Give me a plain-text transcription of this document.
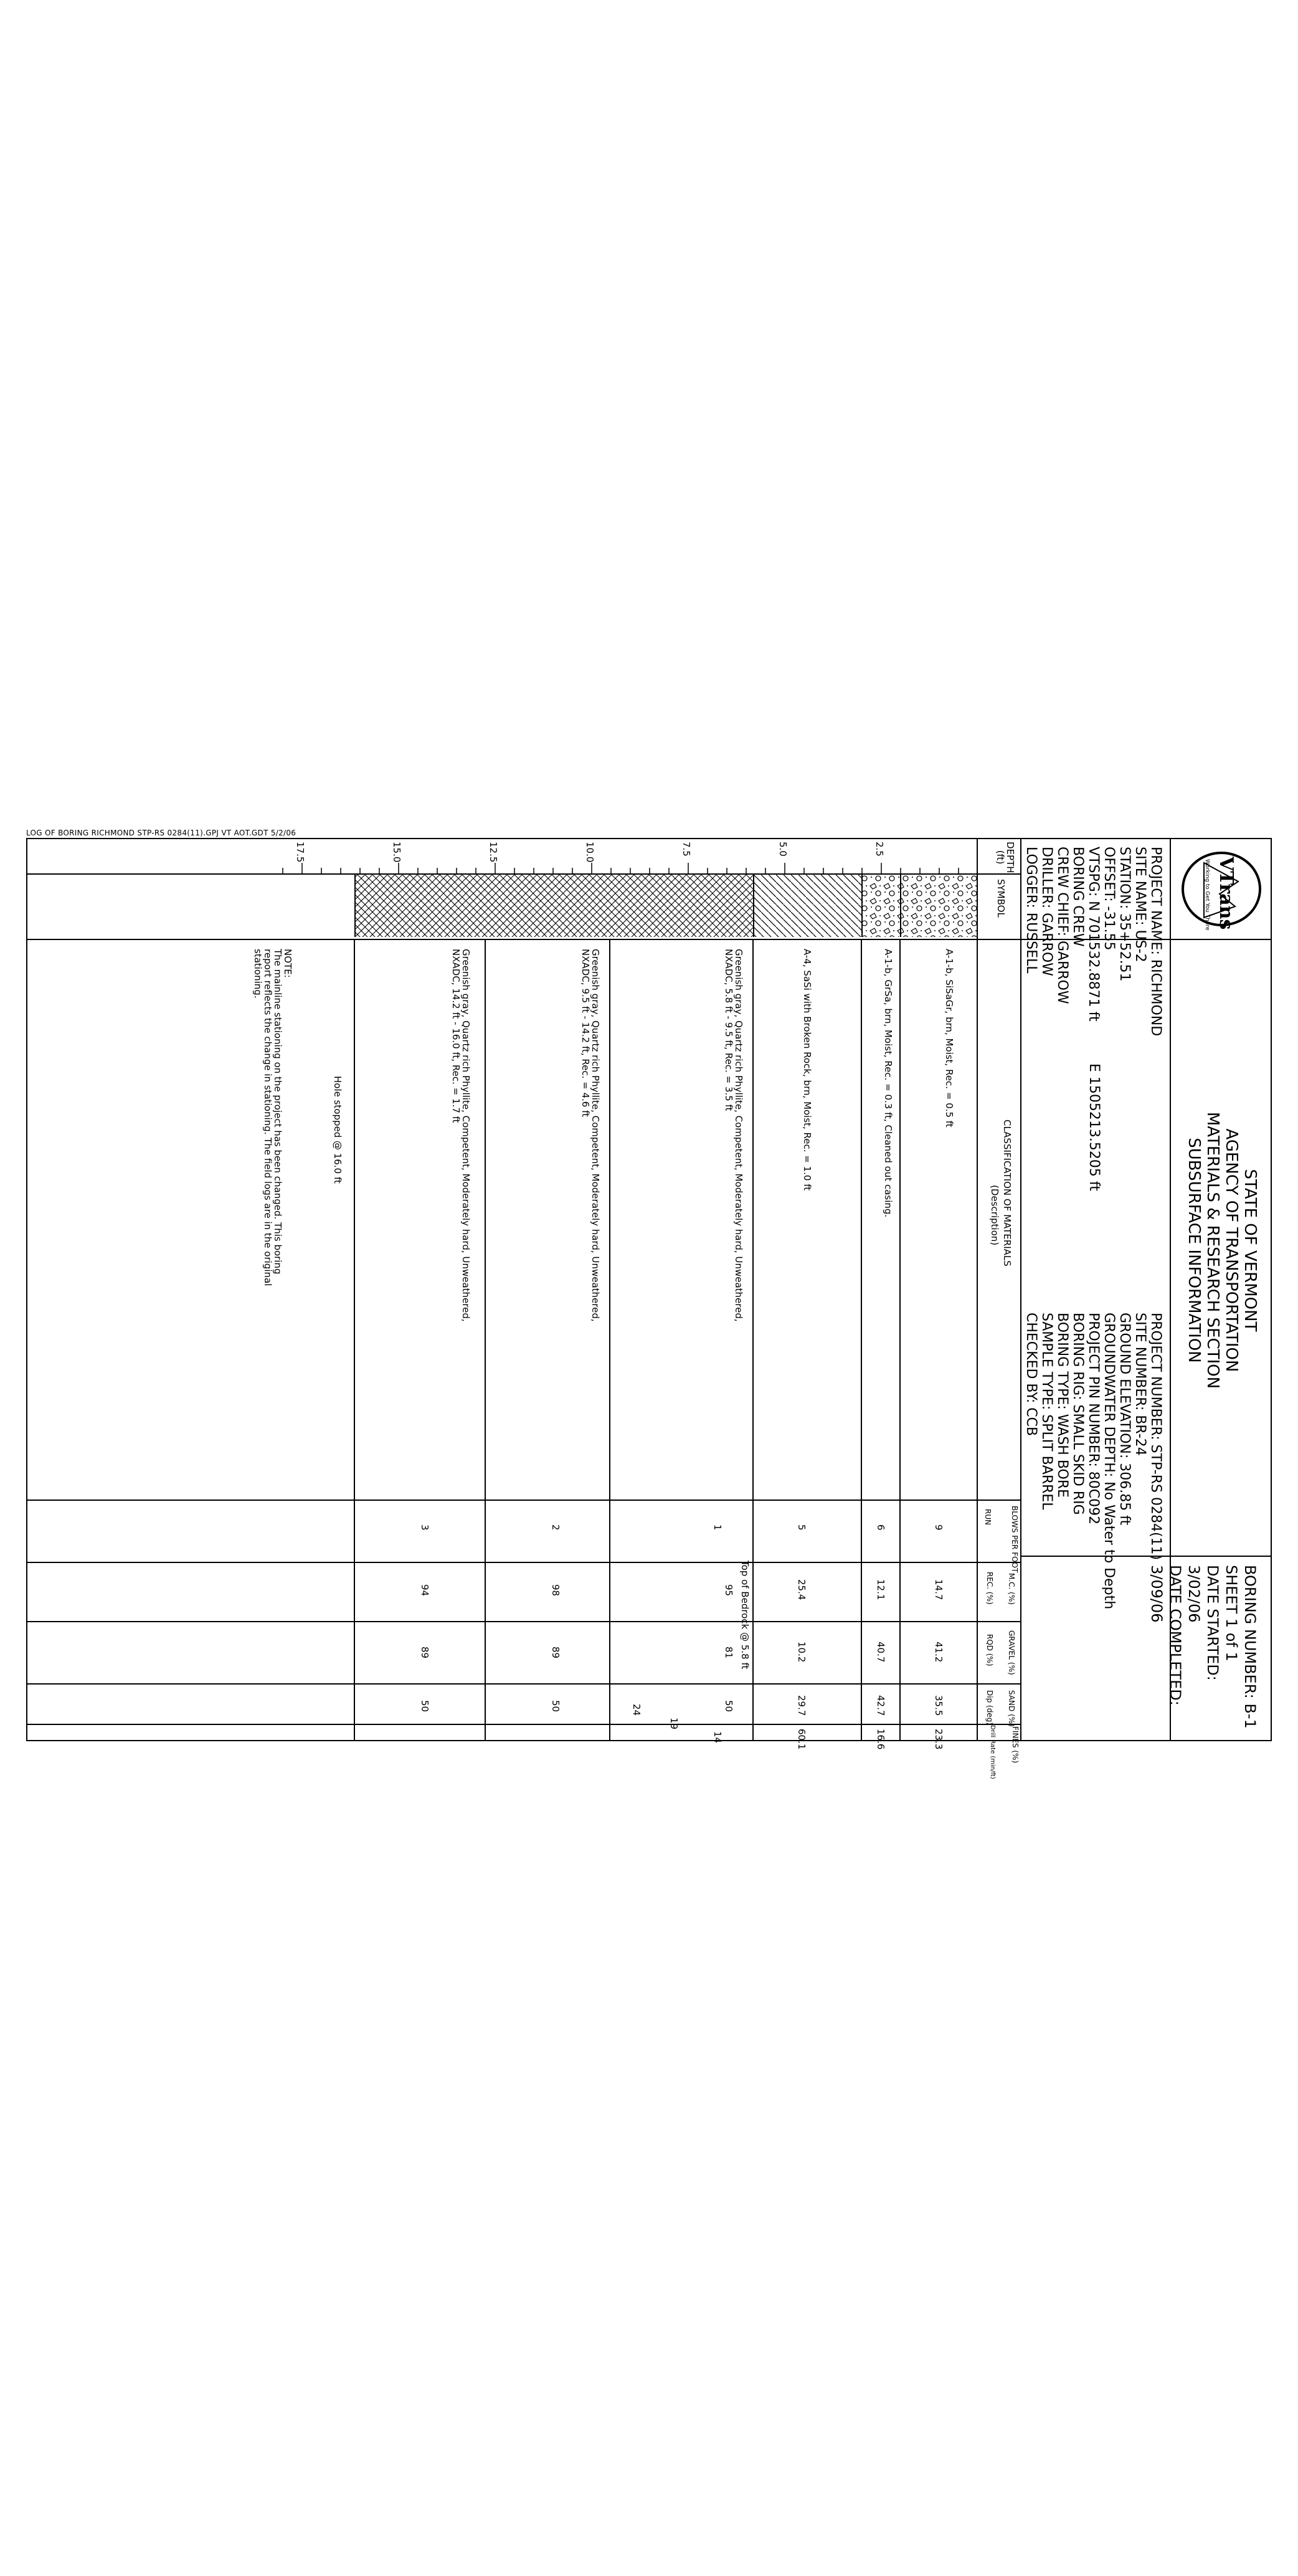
LOG OF BORING RICHMOND STP-RS 0284(11).GPJ VT AOT.GDT 5/2/06
VTrans
Working to Get You There
STATE OF VERMONT
AGENCY OF TRANSPORTATION
MATERIALS & RESEARCH SECTION
SUBSURFACE INFORMATION
BORING NUMBER: B-1
SHEET 1 of 1
DATE STARTED: 3/02/06
DATE COMPLETED: 3/09/06
PROJECT NAME: RICHMOND
SITE NAME: US-2
STATION: 35+52.51
OFFSET: -31.55
VTSPG: N 701532.8871 ft
BORING CREW
CREW CHIEF: GARROW
DRILLER: GARROW
LOGGER: RUSSELL
E 1505213.5205 ft
PROJECT NUMBER: STP-RS 0284(11)
SITE NUMBER: BR-24
GROUND ELEVATION: 306.85 ft
GROUNDWATER DEPTH: No Water to Depth
PROJECT PIN NUMBER: 80C092
BORING RIG: SMALL SKID RIG
BORING TYPE: WASH BORE
SAMPLE TYPE: SPLIT BARREL
CHECKED BY: CCB
DEPTH (ft)
SYMBOL
CLASSIFICATION OF MATERIALS
(Description)
BLOWS PER FOOT
RUN
M.C. (%)
REC. (%)
GRAVEL (%)
RQD (%)
SAND (%)
Dip (deg)
FINES (%)
Drill Rate (min/ft)
2.5
5.0
7.5
10.0
12.5
15.0
17.5
A-1-b, SiSaGr, brn, Moist, Rec. = 0.5 ft
A-1-b, GrSa, brn, Moist, Rec. = 0.3 ft, Cleaned out casing.
A-4, SaSi with Broken Rock, brn, Moist, Rec. = 1.0 ft
Greenish gray, Quartz rich Phyllite, Competent, Moderately hard, Unweathered, NXADC, 5.8 ft - 9.5 ft, Rec. = 3.5 ft
Greenish gray, Quartz rich Phyllite, Competent, Moderately hard, Unweathered, NXADC, 9.5 ft - 14.2 ft, Rec. = 4.6 ft
Greenish gray, Quartz rich Phyllite, Competent, Moderately hard, Unweathered, NXADC, 14.2 ft - 16.0 ft, Rec. = 1.7 ft
Hole stopped @ 16.0 ft
NOTE:
The mainline stationing on the project has been changed. This boring
report reflects the change in stationing. The field logs are in the original
stationing.
Top of Bedrock @ 5.8 ft
9
14.7
41.2
35.5
23.3
6
12.1
40.7
42.7
16.6
5
25.4
10.2
29.7
60.1
1
95
81
50
14
19
24
2
98
89
50
3
94
89
50
